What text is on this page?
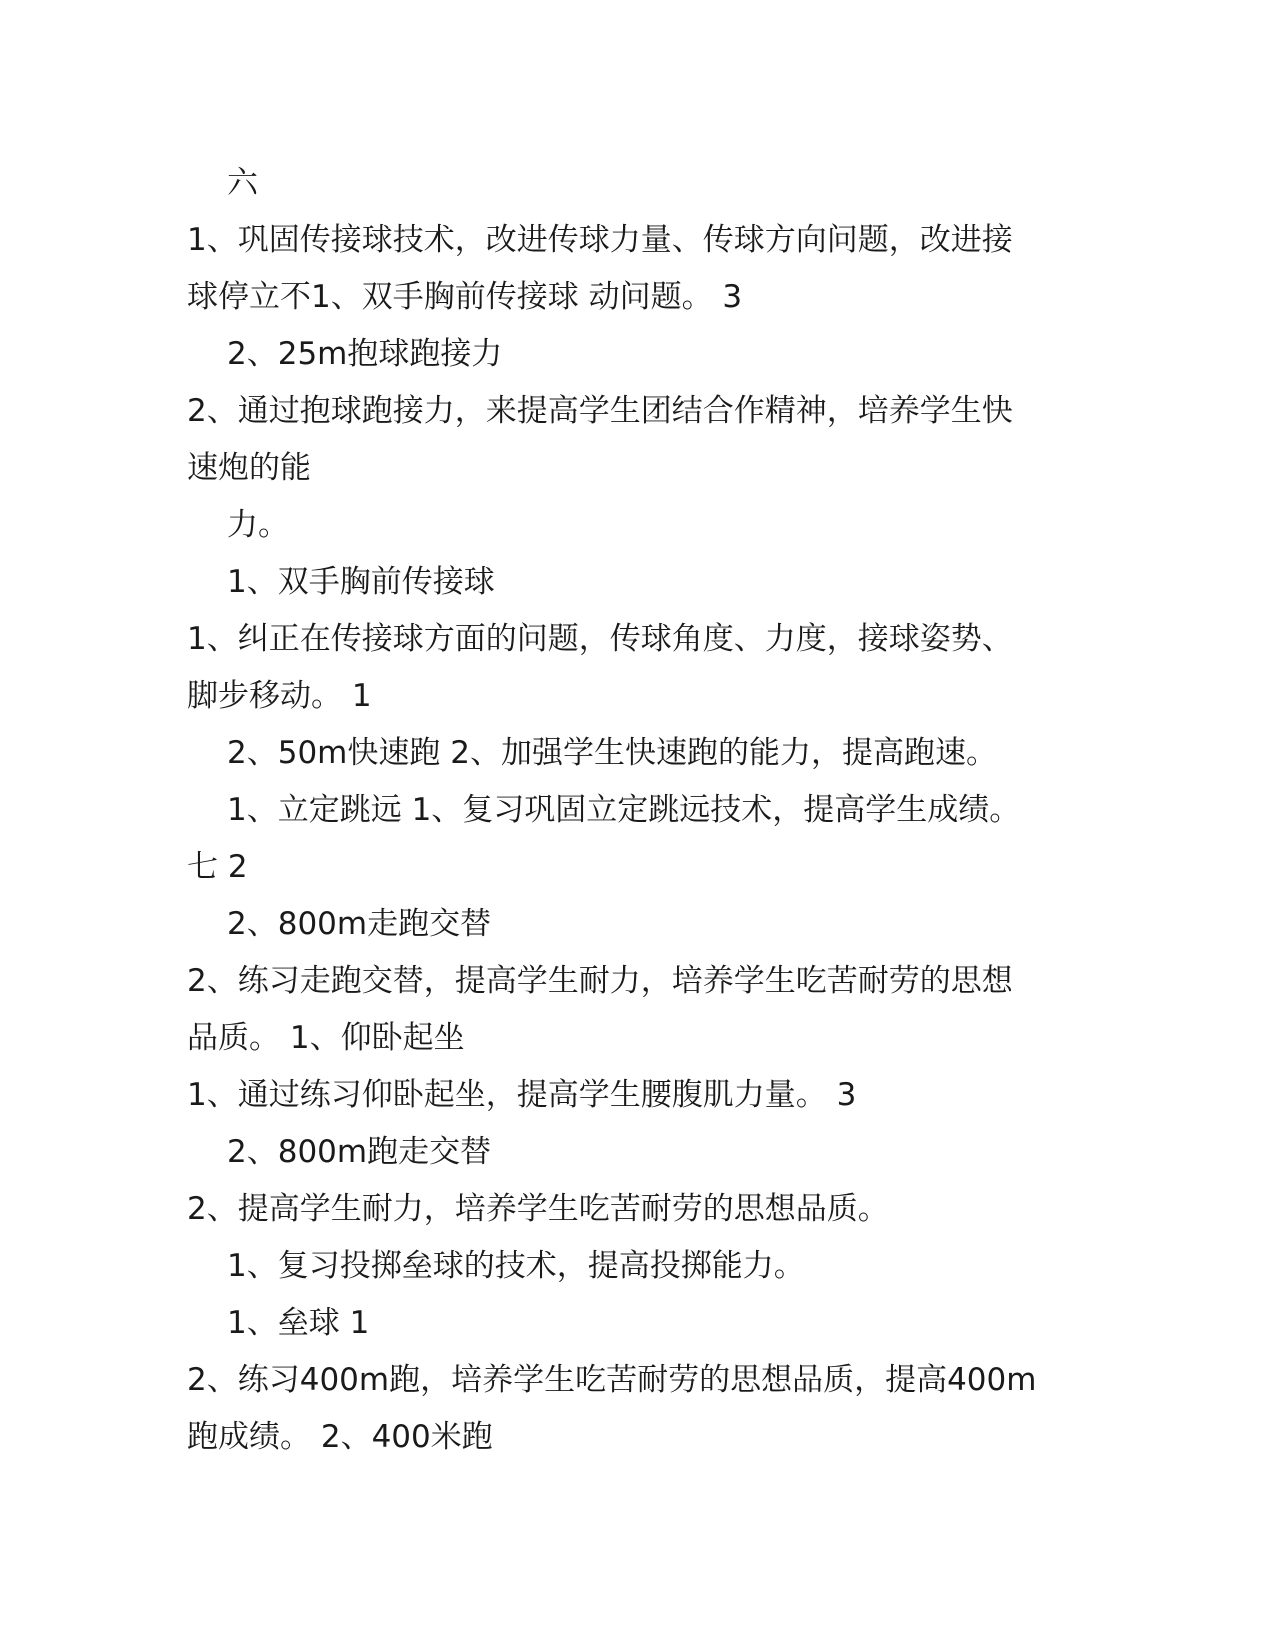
六
1、巩固传接球技术，改进传球力量、传球方向问题，改进接
球停立不1、双手胸前传接球 动问题。 3
2、25m抱球跑接力
2、通过抱球跑接力，来提高学生团结合作精神，培养学生快
速炮的能
力。
1、双手胸前传接球
1、纠正在传接球方面的问题，传球角度、力度，接球姿势、
脚步移动。 1
2、50m快速跑 2、加强学生快速跑的能力，提高跑速。
1、立定跳远 1、复习巩固立定跳远技术，提高学生成绩。
七 2
2、800m走跑交替
2、练习走跑交替，提高学生耐力，培养学生吃苦耐劳的思想
品质。 1、仰卧起坐
1、通过练习仰卧起坐，提高学生腰腹肌力量。 3
2、800m跑走交替
2、提高学生耐力，培养学生吃苦耐劳的思想品质。
1、复习投掷垒球的技术，提高投掷能力。
1、垒球 1
2、练习400m跑，培养学生吃苦耐劳的思想品质，提高400m
跑成绩。 2、400米跑
